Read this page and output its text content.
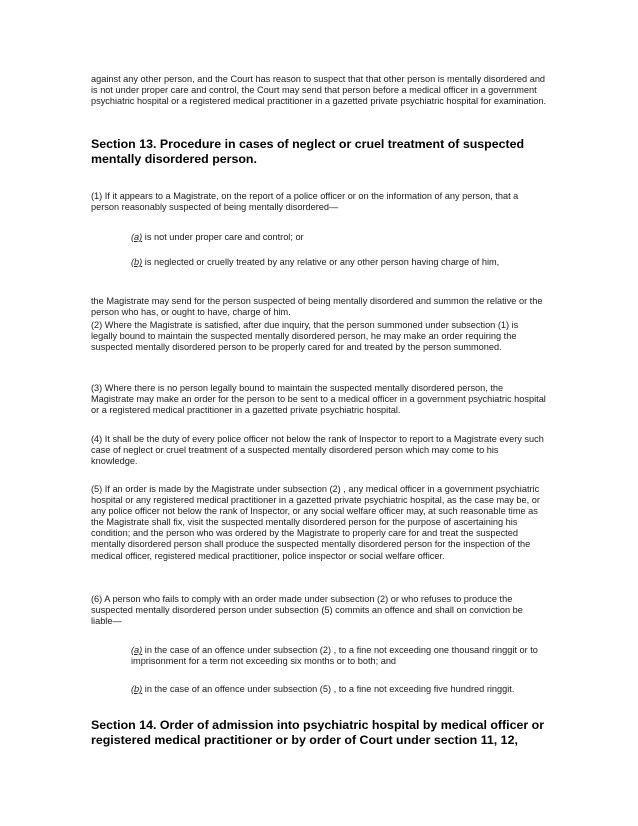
against any other person, and the Court has reason to suspect that that other person is mentally disordered and is not under proper care and control, the Court may send that person before a medical officer in a government psychiatric hospital or a registered medical practitioner in a gazetted private psychiatric hospital for examination.

Section 13. Procedure in cases of neglect or cruel treatment of suspected mentally disordered person.

(1) If it appears to a Magistrate, on the report of a police officer or on the information of any person, that a person reasonably suspected of being mentally disordered—

(a) is not under proper care and control; or

(b) is neglected or cruelly treated by any relative or any other person having charge of him,

the Magistrate may send for the person suspected of being mentally disordered and summon the relative or the person who has, or ought to have, charge of him.

(2) Where the Magistrate is satisfied, after due inquiry, that the person summoned under subsection (1) is legally bound to maintain the suspected mentally disordered person, he may make an order requiring the suspected mentally disordered person to be properly cared for and treated by the person summoned.

(3) Where there is no person legally bound to maintain the suspected mentally disordered person, the Magistrate may make an order for the person to be sent to a medical officer in a government psychiatric hospital or a registered medical practitioner in a gazetted private psychiatric hospital.

(4) It shall be the duty of every police officer not below the rank of Inspector to report to a Magistrate every such case of neglect or cruel treatment of a suspected mentally disordered person which may come to his knowledge.

(5) If an order is made by the Magistrate under subsection (2) , any medical officer in a government psychiatric hospital or any registered medical practitioner in a gazetted private psychiatric hospital, as the case may be, or any police officer not below the rank of Inspector, or any social welfare officer may, at such reasonable time as the Magistrate shall fix, visit the suspected mentally disordered person for the purpose of ascertaining his condition; and the person who was ordered by the Magistrate to properly care for and treat the suspected mentally disordered person shall produce the suspected mentally disordered person for the inspection of the medical officer, registered medical practitioner, police inspector or social welfare officer.

(6) A person who fails to comply with an order made under subsection (2) or who refuses to produce the suspected mentally disordered person under subsection (5) commits an offence and shall on conviction be liable—

(a) in the case of an offence under subsection (2) , to a fine not exceeding one thousand ringgit or to imprisonment for a term not exceeding six months or to both; and

(b) in the case of an offence under subsection (5) , to a fine not exceeding five hundred ringgit.

Section 14. Order of admission into psychiatric hospital by medical officer or registered medical practitioner or by order of Court under section 11, 12,
